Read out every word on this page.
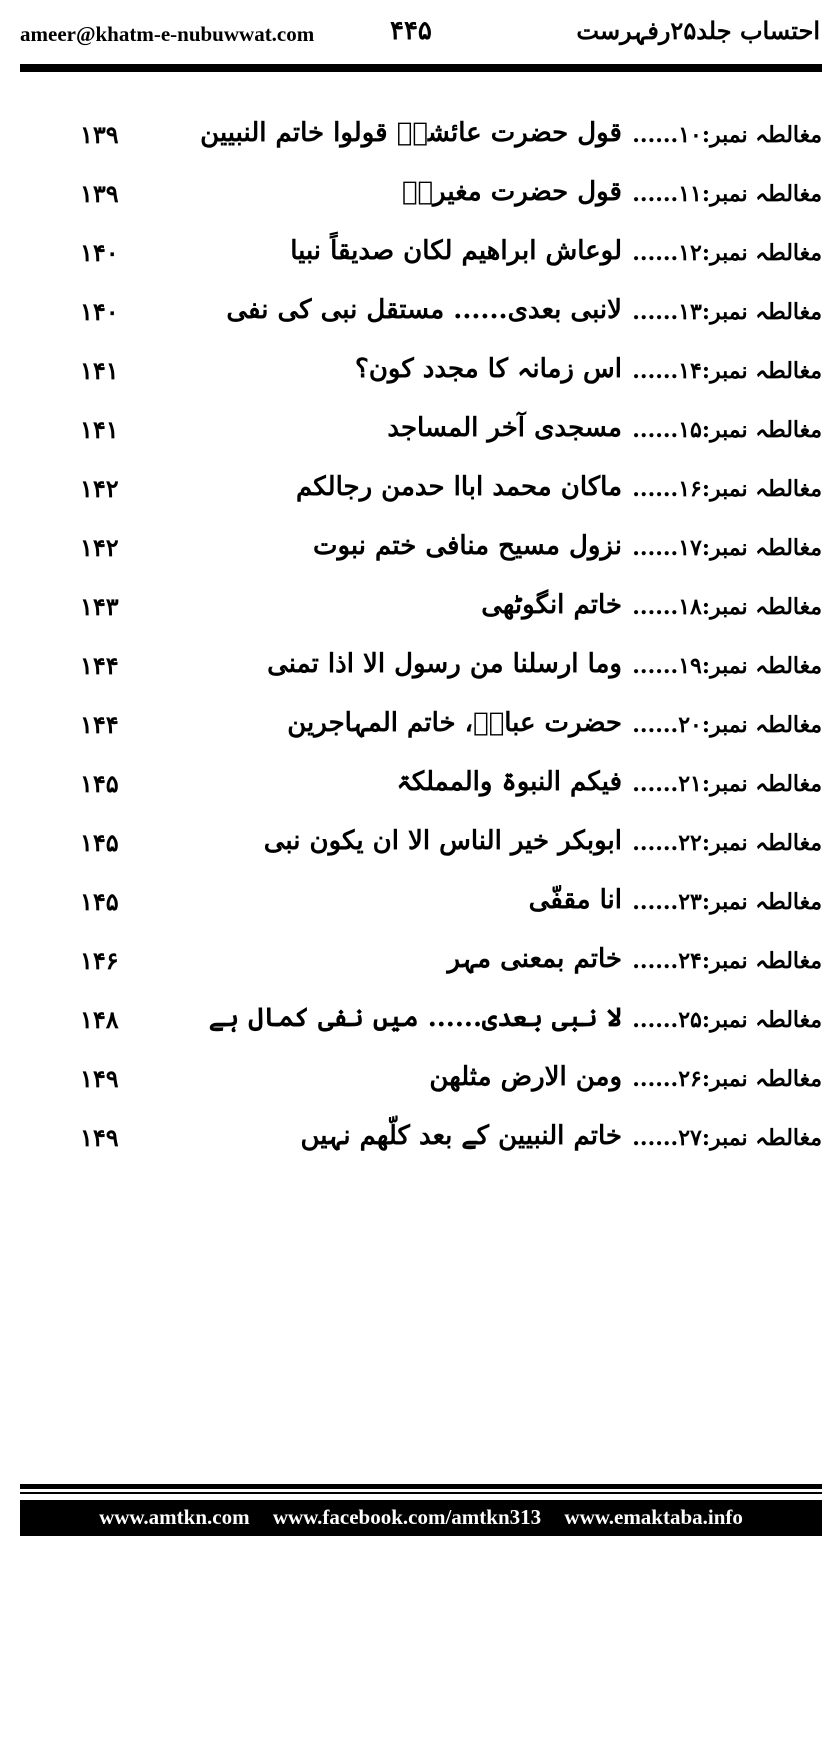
ameer@khatm-e-nubuwwat.com	۴۴۵	احتساب جلد۲۵رفہرست
مغالطہ نمبر:۱۰......
قول حضرت عائشہؓ قولوا خاتم النبیین
۱۳۹
مغالطہ نمبر:۱۱......
قول حضرت مغیرہؓ
۱۳۹
مغالطہ نمبر:۱۲......
لوعاش ابراھیم لکان صدیقاً نبیا
۱۴۰
مغالطہ نمبر:۱۳......
لانبی بعدی...... مستقل نبی کی نفی
۱۴۰
مغالطہ نمبر:۱۴......
اس زمانہ کا مجدد کون؟
۱۴۱
مغالطہ نمبر:۱۵......
مسجدی آخر المساجد
۱۴۱
مغالطہ نمبر:۱۶......
ماکان محمد اباا حدمن رجالکم
۱۴۲
مغالطہ نمبر:۱۷......
نزول مسیح منافی ختم نبوت
۱۴۲
مغالطہ نمبر:۱۸......
خاتم انگوٹھی
۱۴۳
مغالطہ نمبر:۱۹......
وما ارسلنا من رسول الا اذا تمنی
۱۴۴
مغالطہ نمبر:۲۰......
حضرت عباسؓ، خاتم المہاجرین
۱۴۴
مغالطہ نمبر:۲۱......
فیکم النبوۃ والمملکۃ
۱۴۵
مغالطہ نمبر:۲۲......
ابوبکر خیر الناس الا ان یکون نبی
۱۴۵
مغالطہ نمبر:۲۳......
انا مقفّی
۱۴۵
مغالطہ نمبر:۲۴......
خاتم بمعنی مہر
۱۴۶
مغالطہ نمبر:۲۵......
لا نبی بعدی...... میں نفی کمال ہے
۱۴۸
مغالطہ نمبر:۲۶......
ومن الارض مثلھن
۱۴۹
مغالطہ نمبر:۲۷......
خاتم النبیین کے بعد کلّھم نہیں
۱۴۹
www.amtkn.com www.facebook.com/amtkn313 www.emaktaba.info
